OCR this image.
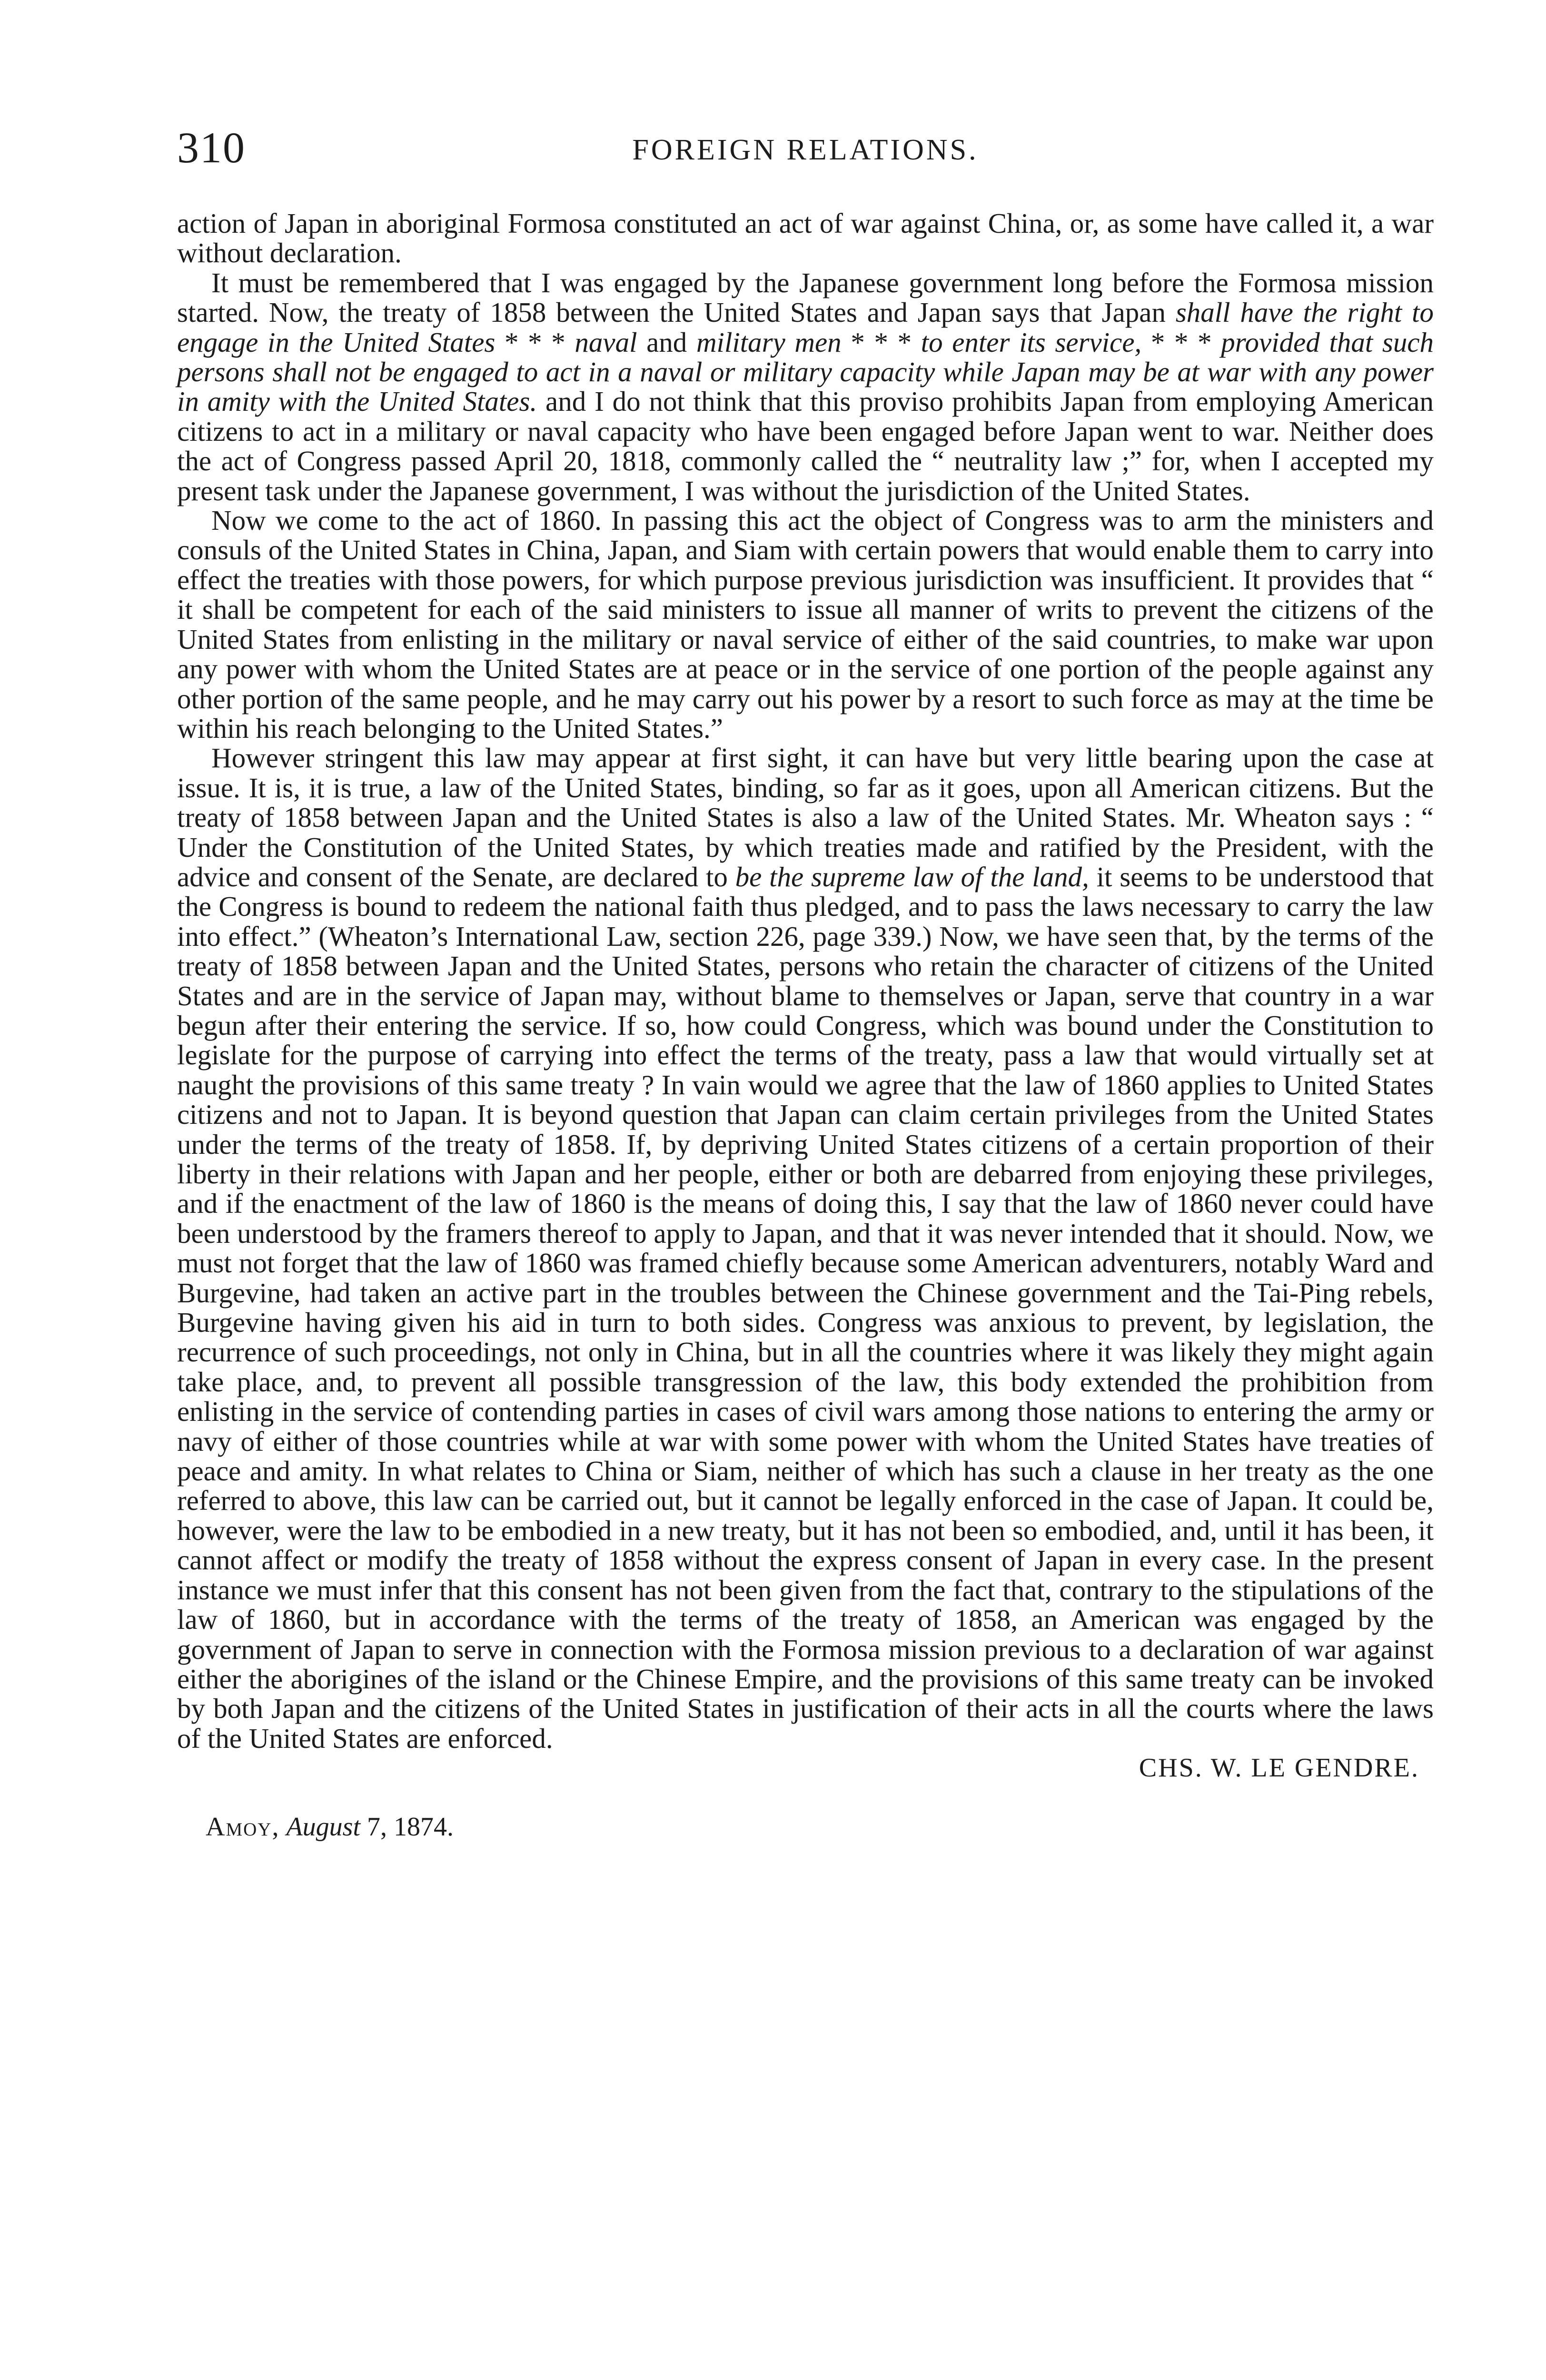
310	FOREIGN RELATIONS.

action of Japan in aboriginal Formosa constituted an act of war against China, or, as some have called it, a war without declaration.

It must be remembered that I was engaged by the Japanese government long before the Formosa mission started. Now, the treaty of 1858 between the United States and Japan says that Japan shall have the right to engage in the United States * * * naval and military men * * * to enter its service, * * * provided that such persons shall not be engaged to act in a naval or military capacity while Japan may be at war with any power in amity with the United States. and I do not think that this proviso prohibits Japan from employing American citizens to act in a military or naval capacity who have been engaged before Japan went to war. Neither does the act of Congress passed April 20, 1818, commonly called the “ neutrality law ;” for, when I accepted my present task under the Japanese government, I was without the jurisdiction of the United States.

Now we come to the act of 1860. In passing this act the object of Congress was to arm the ministers and consuls of the United States in China, Japan, and Siam with certain powers that would enable them to carry into effect the treaties with those powers, for which purpose previous jurisdiction was insufficient. It provides that “ it shall be competent for each of the said ministers to issue all manner of writs to prevent the citizens of the United States from enlisting in the military or naval service of either of the said countries, to make war upon any power with whom the United States are at peace or in the service of one portion of the people against any other portion of the same people, and he may carry out his power by a resort to such force as may at the time be within his reach belonging to the United States.”

However stringent this law may appear at first sight, it can have but very little bearing upon the case at issue. It is, it is true, a law of the United States, binding, so far as it goes, upon all American citizens. But the treaty of 1858 between Japan and the United States is also a law of the United States. Mr. Wheaton says : “ Under the Constitution of the United States, by which treaties made and ratified by the President, with the advice and consent of the Senate, are declared to be the supreme law of the land, it seems to be understood that the Congress is bound to redeem the national faith thus pledged, and to pass the laws necessary to carry the law into effect.” (Wheaton’s International Law, section 226, page 339.) Now, we have seen that, by the terms of the treaty of 1858 between Japan and the United States, persons who retain the character of citizens of the United States and are in the service of Japan may, without blame to themselves or Japan, serve that country in a war begun after their entering the service. If so, how could Congress, which was bound under the Constitution to legislate for the purpose of carrying into effect the terms of the treaty, pass a law that would virtually set at naught the provisions of this same treaty ? In vain would we agree that the law of 1860 applies to United States citizens and not to Japan. It is beyond question that Japan can claim certain privileges from the United States under the terms of the treaty of 1858. If, by depriving United States citizens of a certain proportion of their liberty in their relations with Japan and her people, either or both are debarred from enjoying these privileges, and if the enactment of the law of 1860 is the means of doing this, I say that the law of 1860 never could have been understood by the framers thereof to apply to Japan, and that it was never intended that it should. Now, we must not forget that the law of 1860 was framed chiefly because some American adventurers, notably Ward and Burgevine, had taken an active part in the troubles between the Chinese government and the Tai-Ping rebels, Burgevine having given his aid in turn to both sides. Congress was anxious to prevent, by legislation, the recurrence of such proceedings, not only in China, but in all the countries where it was likely they might again take place, and, to prevent all possible transgression of the law, this body extended the prohibition from enlisting in the service of contending parties in cases of civil wars among those nations to entering the army or navy of either of those countries while at war with some power with whom the United States have treaties of peace and amity. In what relates to China or Siam, neither of which has such a clause in her treaty as the one referred to above, this law can be carried out, but it cannot be legally enforced in the case of Japan. It could be, however, were the law to be embodied in a new treaty, but it has not been so embodied, and, until it has been, it cannot affect or modify the treaty of 1858 without the express consent of Japan in every case. In the present instance we must infer that this consent has not been given from the fact that, contrary to the stipulations of the law of 1860, but in accordance with the terms of the treaty of 1858, an American was engaged by the government of Japan to serve in connection with the Formosa mission previous to a declaration of war against either the aborigines of the island or the Chinese Empire, and the provisions of this same treaty can be invoked by both Japan and the citizens of the United States in justification of their acts in all the courts where the laws of the United States are enforced.

CHS. W. LE GENDRE.
Amoy, August 7, 1874.
